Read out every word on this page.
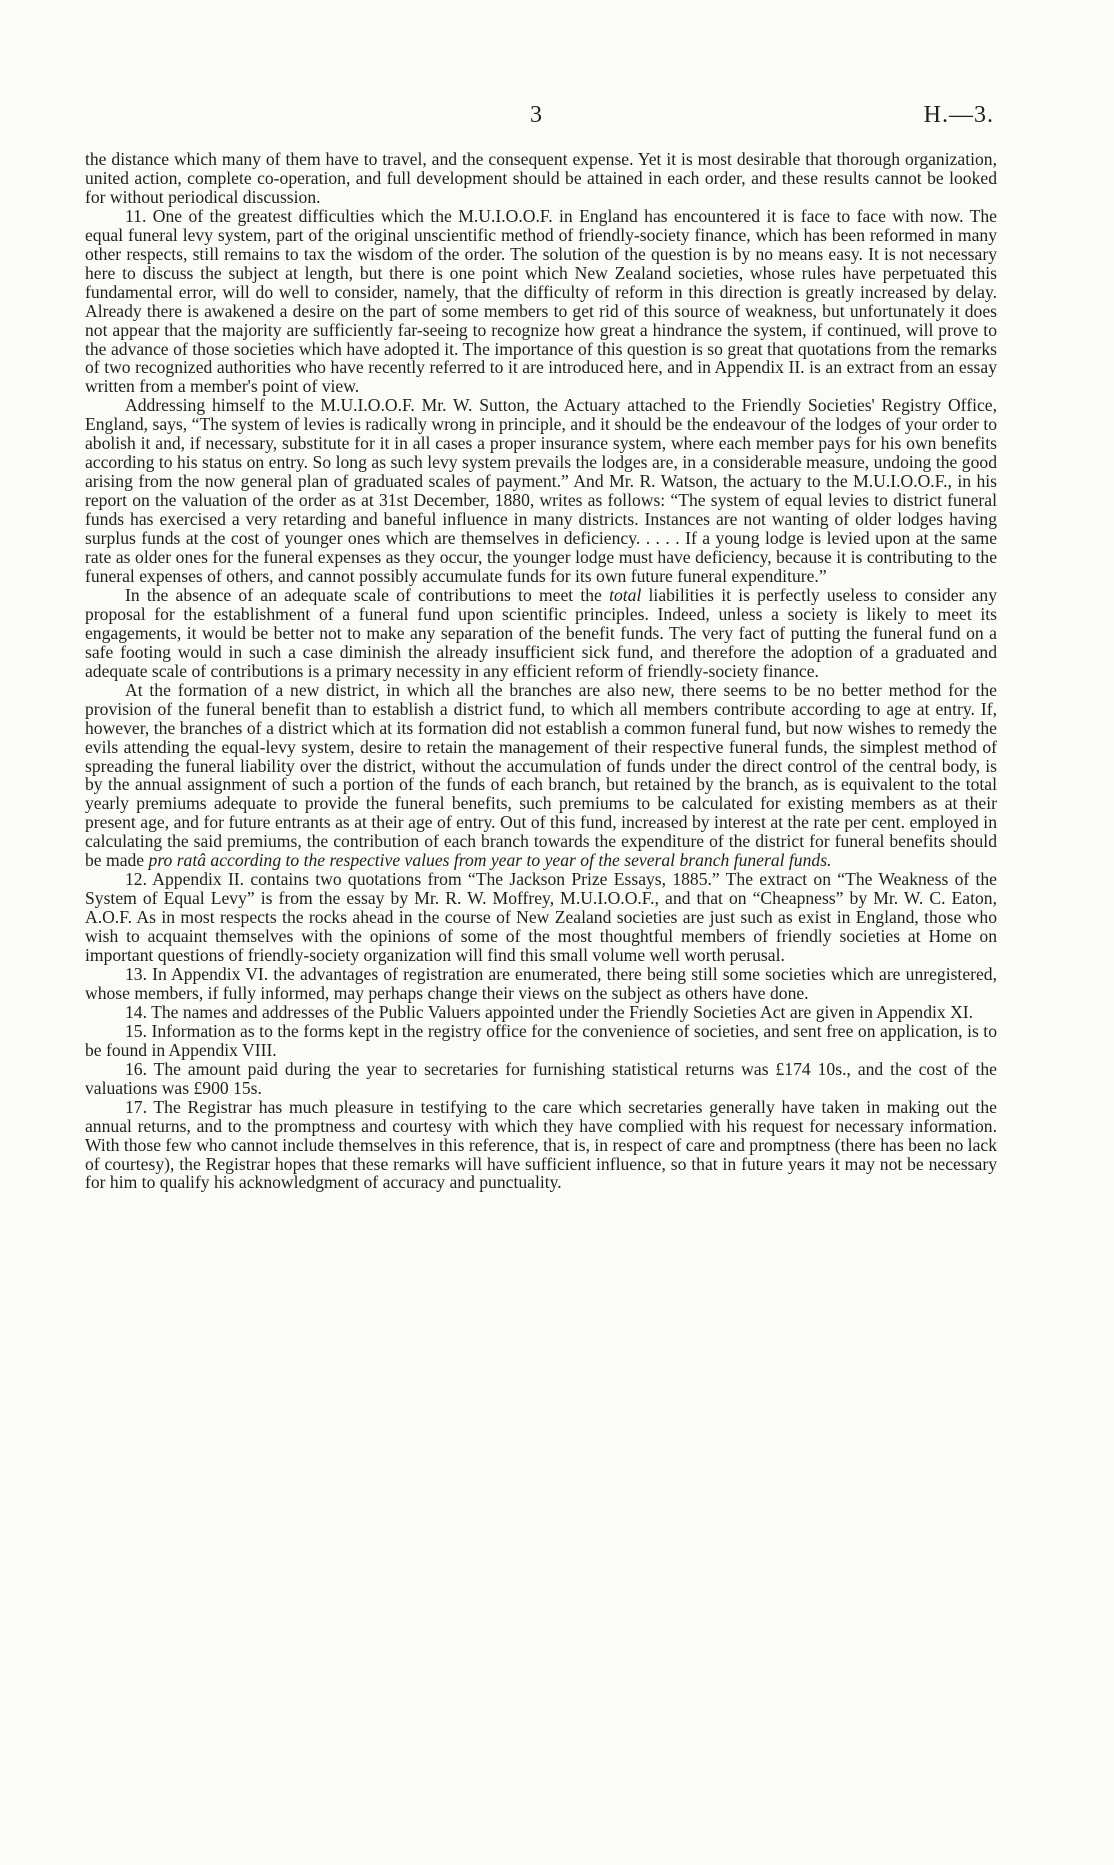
3	H.—3.

the distance which many of them have to travel, and the consequent expense. Yet it is most desirable that thorough organization, united action, complete co-operation, and full development should be attained in each order, and these results cannot be looked for without periodical discussion.

11. One of the greatest difficulties which the M.U.I.O.O.F. in England has encountered it is face to face with now. The equal funeral levy system, part of the original unscientific method of friendly-society finance, which has been reformed in many other respects, still remains to tax the wisdom of the order. The solution of the question is by no means easy. It is not necessary here to discuss the subject at length, but there is one point which New Zealand societies, whose rules have perpetuated this fundamental error, will do well to consider, namely, that the difficulty of reform in this direction is greatly increased by delay. Already there is awakened a desire on the part of some members to get rid of this source of weakness, but unfortunately it does not appear that the majority are sufficiently far-seeing to recognize how great a hindrance the system, if continued, will prove to the advance of those societies which have adopted it. The importance of this question is so great that quotations from the remarks of two recognized authorities who have recently referred to it are introduced here, and in Appendix II. is an extract from an essay written from a member's point of view.

Addressing himself to the M.U.I.O.O.F. Mr. W. Sutton, the Actuary attached to the Friendly Societies' Registry Office, England, says, “The system of levies is radically wrong in principle, and it should be the endeavour of the lodges of your order to abolish it and, if necessary, substitute for it in all cases a proper insurance system, where each member pays for his own benefits according to his status on entry. So long as such levy system prevails the lodges are, in a considerable measure, undoing the good arising from the now general plan of graduated scales of payment.” And Mr. R. Watson, the actuary to the M.U.I.O.O.F., in his report on the valuation of the order as at 31st December, 1880, writes as follows: “The system of equal levies to district funeral funds has exercised a very retarding and baneful influence in many districts. Instances are not wanting of older lodges having surplus funds at the cost of younger ones which are themselves in deficiency. . . . . If a young lodge is levied upon at the same rate as older ones for the funeral expenses as they occur, the younger lodge must have deficiency, because it is contributing to the funeral expenses of others, and cannot possibly accumulate funds for its own future funeral expenditure.”

In the absence of an adequate scale of contributions to meet the total liabilities it is perfectly useless to consider any proposal for the establishment of a funeral fund upon scientific principles. Indeed, unless a society is likely to meet its engagements, it would be better not to make any separation of the benefit funds. The very fact of putting the funeral fund on a safe footing would in such a case diminish the already insufficient sick fund, and therefore the adoption of a graduated and adequate scale of contributions is a primary necessity in any efficient reform of friendly-society finance.

At the formation of a new district, in which all the branches are also new, there seems to be no better method for the provision of the funeral benefit than to establish a district fund, to which all members contribute according to age at entry. If, however, the branches of a district which at its formation did not establish a common funeral fund, but now wishes to remedy the evils attending the equal-levy system, desire to retain the management of their respective funeral funds, the simplest method of spreading the funeral liability over the district, without the accumulation of funds under the direct control of the central body, is by the annual assignment of such a portion of the funds of each branch, but retained by the branch, as is equivalent to the total yearly premiums adequate to provide the funeral benefits, such premiums to be calculated for existing members as at their present age, and for future entrants as at their age of entry. Out of this fund, increased by interest at the rate per cent. employed in calculating the said premiums, the contribution of each branch towards the expenditure of the district for funeral benefits should be made pro ratâ according to the respective values from year to year of the several branch funeral funds.

12. Appendix II. contains two quotations from “The Jackson Prize Essays, 1885.” The extract on “The Weakness of the System of Equal Levy” is from the essay by Mr. R. W. Moffrey, M.U.I.O.O.F., and that on “Cheapness” by Mr. W. C. Eaton, A.O.F. As in most respects the rocks ahead in the course of New Zealand societies are just such as exist in England, those who wish to acquaint themselves with the opinions of some of the most thoughtful members of friendly societies at Home on important questions of friendly-society organization will find this small volume well worth perusal.

13. In Appendix VI. the advantages of registration are enumerated, there being still some societies which are unregistered, whose members, if fully informed, may perhaps change their views on the subject as others have done.

14. The names and addresses of the Public Valuers appointed under the Friendly Societies Act are given in Appendix XI.

15. Information as to the forms kept in the registry office for the convenience of societies, and sent free on application, is to be found in Appendix VIII.

16. The amount paid during the year to secretaries for furnishing statistical returns was £174 10s., and the cost of the valuations was £900 15s.

17. The Registrar has much pleasure in testifying to the care which secretaries generally have taken in making out the annual returns, and to the promptness and courtesy with which they have complied with his request for necessary information. With those few who cannot include themselves in this reference, that is, in respect of care and promptness (there has been no lack of courtesy), the Registrar hopes that these remarks will have sufficient influence, so that in future years it may not be necessary for him to qualify his acknowledgment of accuracy and punctuality.
